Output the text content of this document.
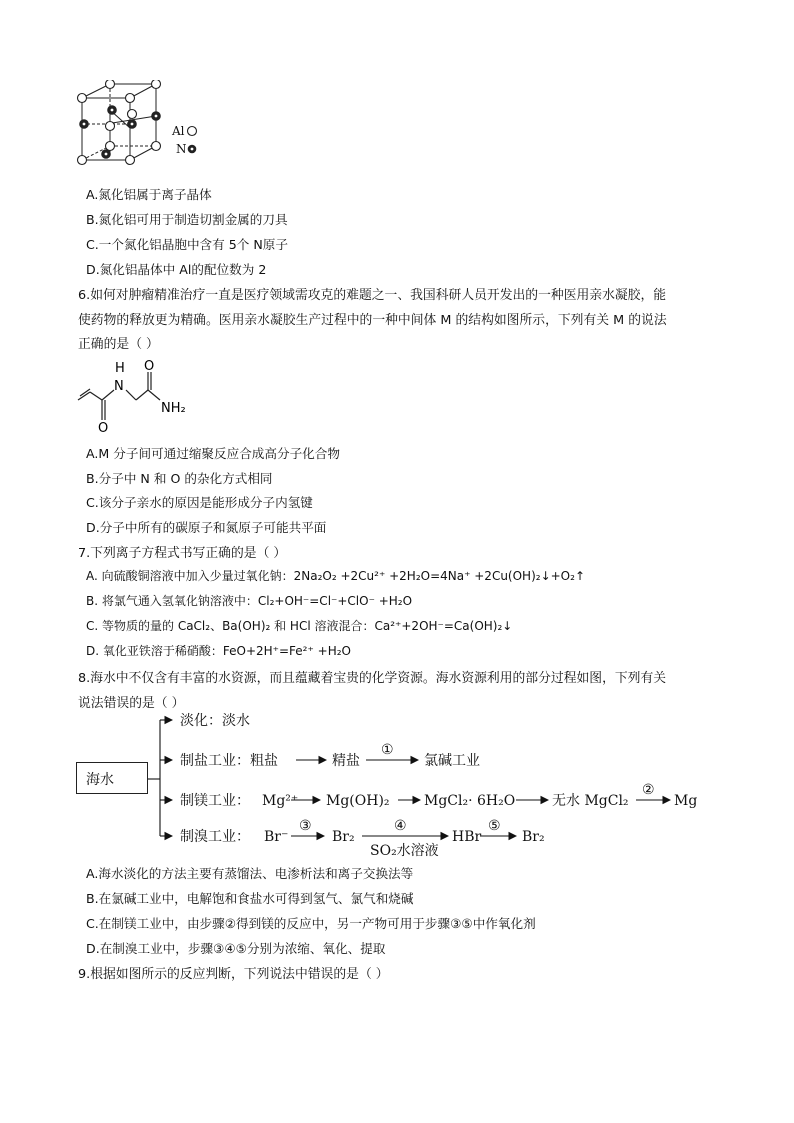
Al
N
A.氮化铝属于离子晶体
B.氮化铝可用于制造切割金属的刀具
C.一个氮化铝晶胞中含有 5个 N原子
D.氮化铝晶体中 Al的配位数为 2
6.如何对肿瘤精准治疗一直是医疗领域需攻克的难题之一、我国科研人员开发出的一种医用亲水凝胶，能
使药物的释放更为精确。医用亲水凝胶生产过程中的一种中间体 M 的结构如图所示，下列有关 M 的说法
正确的是（ ）
H
N
O
O
NH₂
A.M 分子间可通过缩聚反应合成高分子化合物
B.分子中 N 和 O 的杂化方式相同
C.该分子亲水的原因是能形成分子内氢键
D.分子中所有的碳原子和氮原子可能共平面
7.下列离子方程式书写正确的是（ ）
A. 向硫酸铜溶液中加入少量过氧化钠：2Na₂O₂ +2Cu²⁺ +2H₂O=4Na⁺ +2Cu(OH)₂↓+O₂↑
B. 将氯气通入氢氧化钠溶液中：Cl₂+OH⁻=Cl⁻+ClO⁻ +H₂O
C. 等物质的量的 CaCl₂、Ba(OH)₂ 和 HCl 溶液混合：Ca²⁺+2OH⁻=Ca(OH)₂↓
D. 氧化亚铁溶于稀硝酸：FeO+2H⁺=Fe²⁺ +H₂O
8.海水中不仅含有丰富的水资源，而且蕴藏着宝贵的化学资源。海水资源利用的部分过程如图，下列有关
说法错误的是（ ）
海水
淡化：淡水
制盐工业：粗盐	精盐
①
氯碱工业
制镁工业： Mg²⁺ Mg(OH)₂ MgCl₂· 6H₂O	无水 MgCl₂
②
Mg
制溴工业： Br⁻
③
Br₂
④
SO₂水溶液
HBr
⑤
Br₂
A.海水淡化的方法主要有蒸馏法、电渗析法和离子交换法等
B.在氯碱工业中，电解饱和食盐水可得到氢气、氯气和烧碱
C.在制镁工业中，由步骤②得到镁的反应中，另一产物可用于步骤③⑤中作氧化剂
D.在制溴工业中，步骤③④⑤分别为浓缩、氧化、提取
9.根据如图所示的反应判断，下列说法中错误的是（ ）
